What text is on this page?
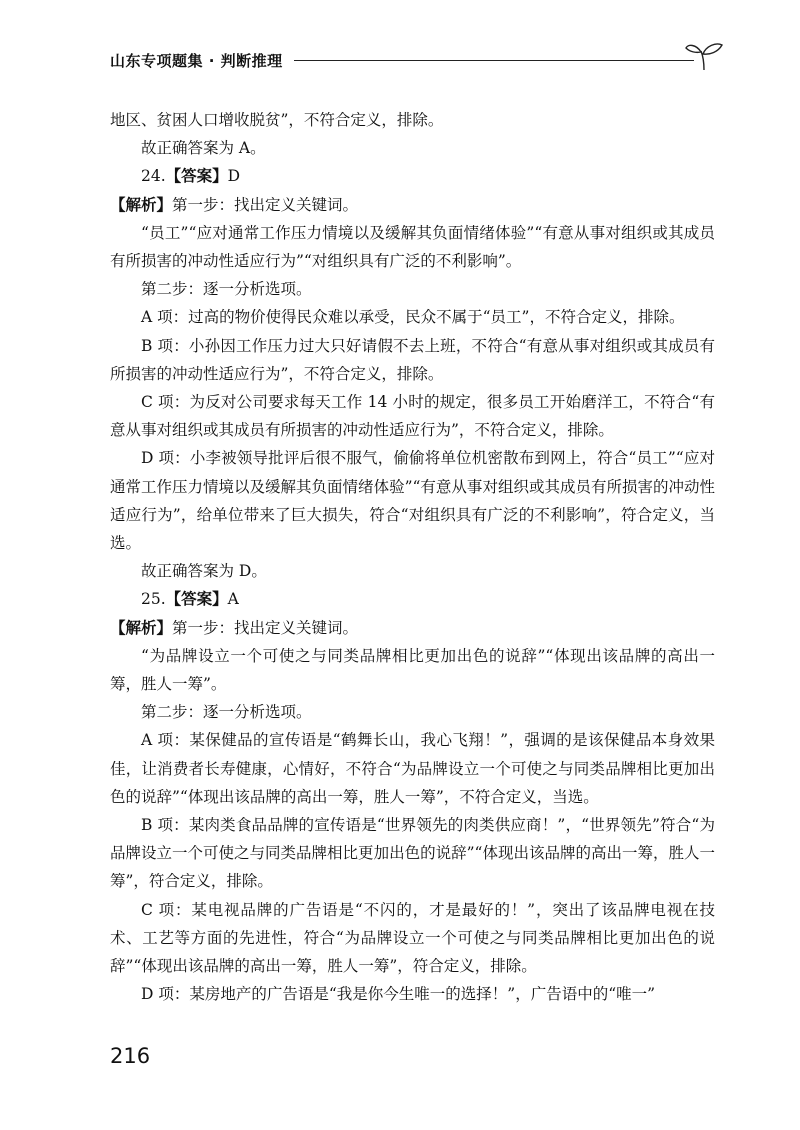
山东专项题集 · 判断推理

地区、贫困人口增收脱贫”，不符合定义，排除。

故正确答案为 A。

24.【答案】D

【解析】第一步：找出定义关键词。

“员工”“应对通常工作压力情境以及缓解其负面情绪体验”“有意从事对组织或其成员有所损害的冲动性适应行为”“对组织具有广泛的不利影响”。

第二步：逐一分析选项。

A 项：过高的物价使得民众难以承受，民众不属于“员工”，不符合定义，排除。

B 项：小孙因工作压力过大只好请假不去上班，不符合“有意从事对组织或其成员有所损害的冲动性适应行为”，不符合定义，排除。

C 项：为反对公司要求每天工作 14 小时的规定，很多员工开始磨洋工，不符合“有意从事对组织或其成员有所损害的冲动性适应行为”，不符合定义，排除。

D 项：小李被领导批评后很不服气，偷偷将单位机密散布到网上，符合“员工”“应对通常工作压力情境以及缓解其负面情绪体验”“有意从事对组织或其成员有所损害的冲动性适应行为”，给单位带来了巨大损失，符合“对组织具有广泛的不利影响”，符合定义，当选。

故正确答案为 D。

25.【答案】A

【解析】第一步：找出定义关键词。

“为品牌设立一个可使之与同类品牌相比更加出色的说辞”“体现出该品牌的高出一筹，胜人一筹”。

第二步：逐一分析选项。

A 项：某保健品的宣传语是“鹤舞长山，我心飞翔！”，强调的是该保健品本身效果佳，让消费者长寿健康，心情好，不符合“为品牌设立一个可使之与同类品牌相比更加出色的说辞”“体现出该品牌的高出一筹，胜人一筹”，不符合定义，当选。

B 项：某肉类食品品牌的宣传语是“世界领先的肉类供应商！”，“世界领先”符合“为品牌设立一个可使之与同类品牌相比更加出色的说辞”“体现出该品牌的高出一筹，胜人一筹”，符合定义，排除。

C 项：某电视品牌的广告语是“不闪的，才是最好的！”，突出了该品牌电视在技术、工艺等方面的先进性，符合“为品牌设立一个可使之与同类品牌相比更加出色的说辞”“体现出该品牌的高出一筹，胜人一筹”，符合定义，排除。

D 项：某房地产的广告语是“我是你今生唯一的选择！”，广告语中的“唯一”

216
